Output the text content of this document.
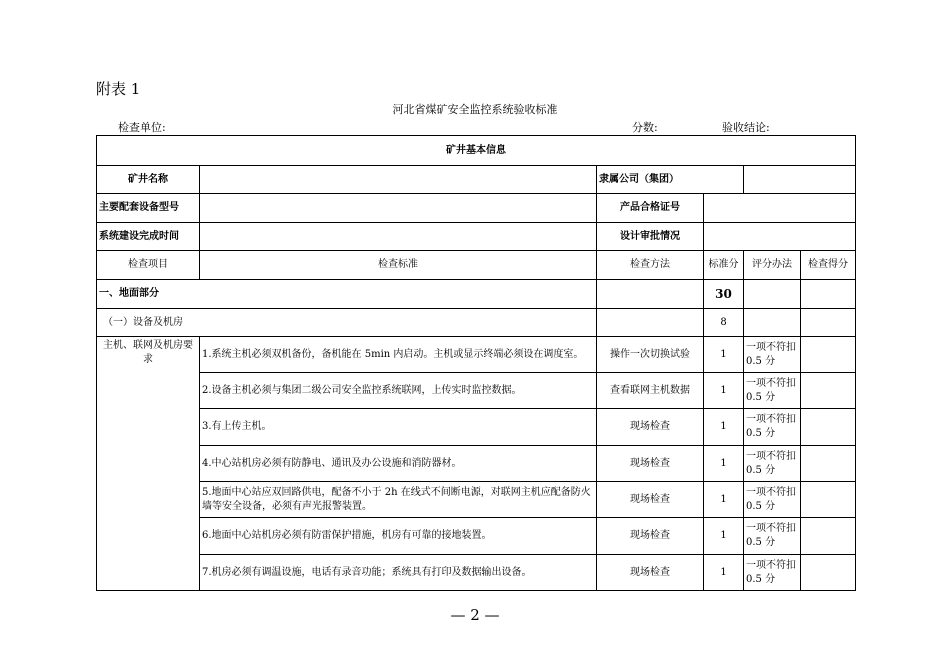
附表 1
河北省煤矿安全监控系统验收标准
检查单位:	分数:	验收结论:
矿井基本信息					
矿井名称		隶属公司（集团）			
主要配套设备型号		产品合格证号			
系统建设完成时间		设计审批情况			
检查项目	检查标准	检查方法	标准分	评分办法	检查得分
一、地面部分			30		
（一）设备及机房			8		
主机、联网及机房要求	1.系统主机必须双机备份，备机能在 5min 内启动。主机或显示终端必须设在调度室。	操作一次切换试验	1	一项不符扣 0.5 分	
	2.设备主机必须与集团二级公司安全监控系统联网，上传实时监控数据。	查看联网主机数据	1	一项不符扣 0.5 分	
	3.有上传主机。	现场检查	1	一项不符扣 0.5 分	
	4.中心站机房必须有防静电、通讯及办公设施和消防器材。	现场检查	1	一项不符扣 0.5 分	
	5.地面中心站应双回路供电，配备不小于 2h 在线式不间断电源，对联网主机应配备防火墙等安全设备，必须有声光报警装置。	现场检查	1	一项不符扣 0.5 分	
	6.地面中心站机房必须有防雷保护措施，机房有可靠的接地装置。	现场检查	1	一项不符扣 0.5 分	
	7.机房必须有调温设施，电话有录音功能；系统具有打印及数据输出设备。	现场检查	1	一项不符扣 0.5 分	
— 2 —
